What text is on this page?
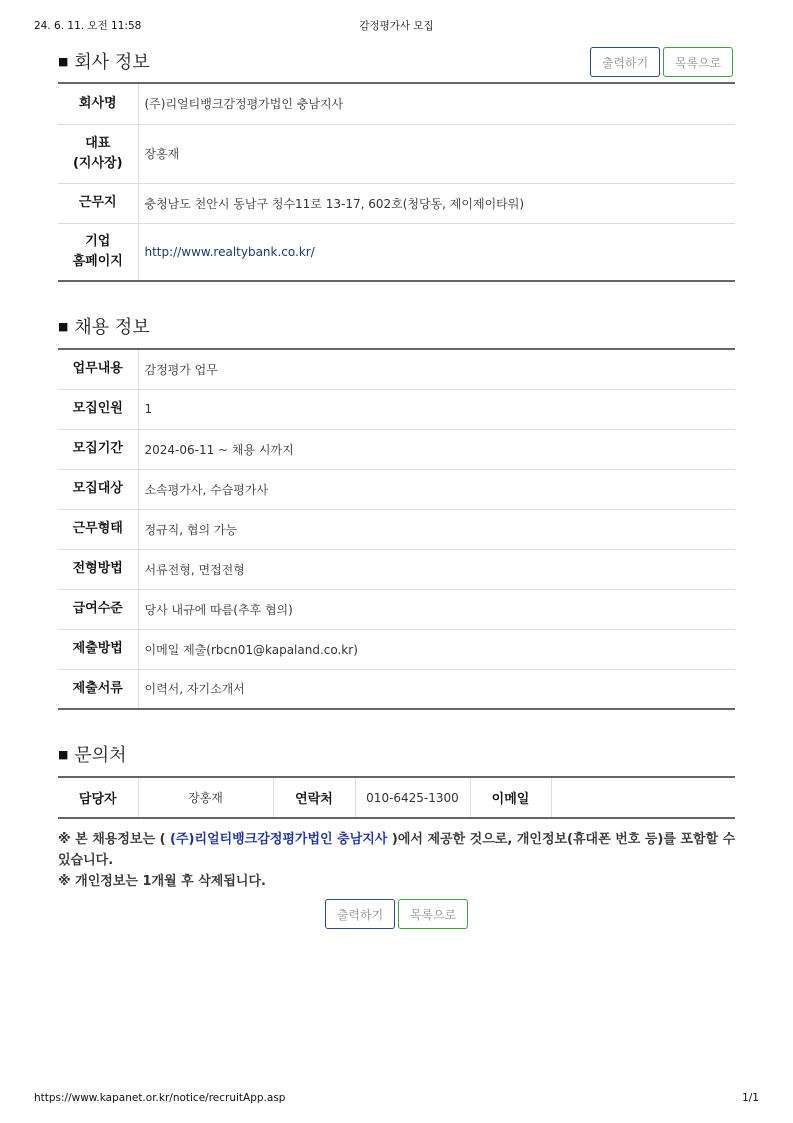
24. 6. 11. 오전 11:58	감정평가사 모집
■ 회사 정보	출력하기	목록으로
회사명	(주)리얼티뱅크감정평가법인 충남지사
대표
(지사장)	장홍재
근무지	충청남도 천안시 동남구 청수11로 13-17, 602호(청당동, 제이제이타워)
기업
홈페이지	http://www.realtybank.co.kr/
■ 채용 정보
업무내용	감정평가 업무
모집인원	1
모집기간	2024-06-11 ~ 채용 시까지
모집대상	소속평가사, 수습평가사
근무형태	정규직, 협의 가능
전형방법	서류전형, 면접전형
급여수준	당사 내규에 따름(추후 협의)
제출방법	이메일 제출(rbcn01@kapaland.co.kr)
제출서류	이력서, 자기소개서
■ 문의처
담당자	장홍재	연락처	010-6425-1300	이메일	
※ 본 채용정보는 ( (주)리얼티뱅크감정평가법인 충남지사 )에서 제공한 것으로, 개인정보(휴대폰 번호 등)를 포함할 수 있습니다.
※ 개인정보는 1개월 후 삭제됩니다.
출력하기	목록으로
https://www.kapanet.or.kr/notice/recruitApp.asp	1/1
